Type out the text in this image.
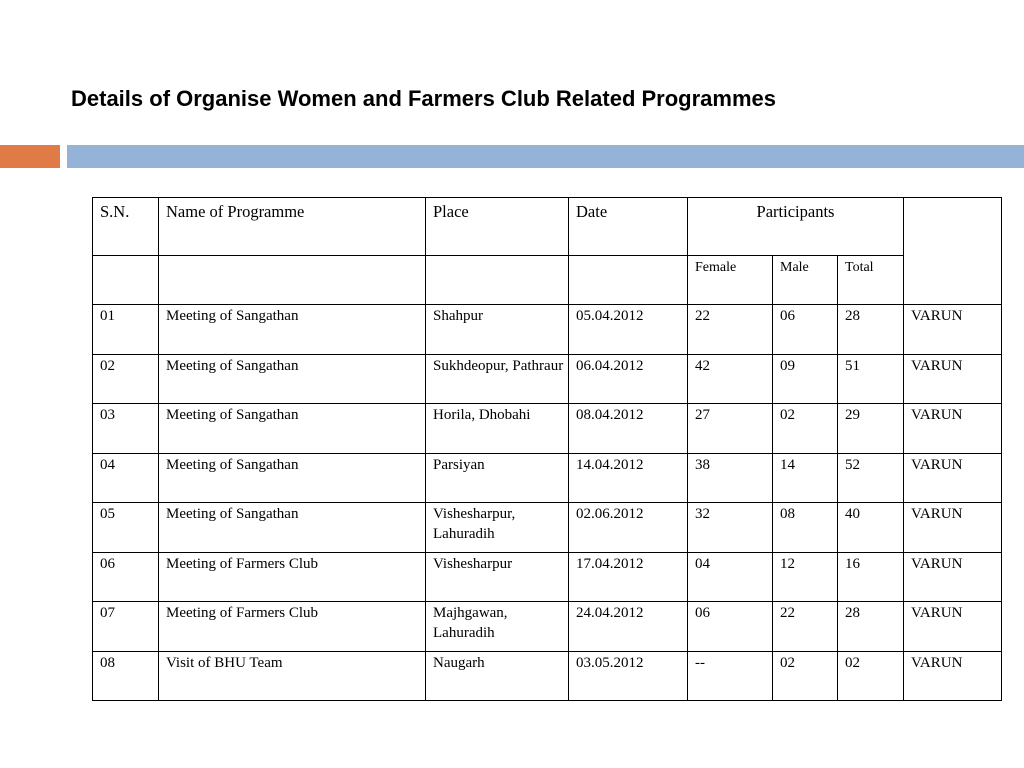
Details of Organise Women and Farmers Club Related Programmes
S.N.	Name of Programme	Place	Date	Participants			
				Female	Male	Total	
01	Meeting of Sangathan	Shahpur	05.04.2012	22	06	28	VARUN
02	Meeting of Sangathan	Sukhdeopur, Pathraur	06.04.2012	42	09	51	VARUN
03	Meeting of Sangathan	Horila, Dhobahi	08.04.2012	27	02	29	VARUN
04	Meeting of Sangathan	Parsiyan	14.04.2012	38	14	52	VARUN
05	Meeting of Sangathan	Vishesharpur, Lahuradih	02.06.2012	32	08	40	VARUN
06	Meeting of Farmers Club	Vishesharpur	17.04.2012	04	12	16	VARUN
07	Meeting of Farmers Club	Majhgawan, Lahuradih	24.04.2012	06	22	28	VARUN
08	Visit of BHU Team	Naugarh	03.05.2012	--	02	02	VARUN
